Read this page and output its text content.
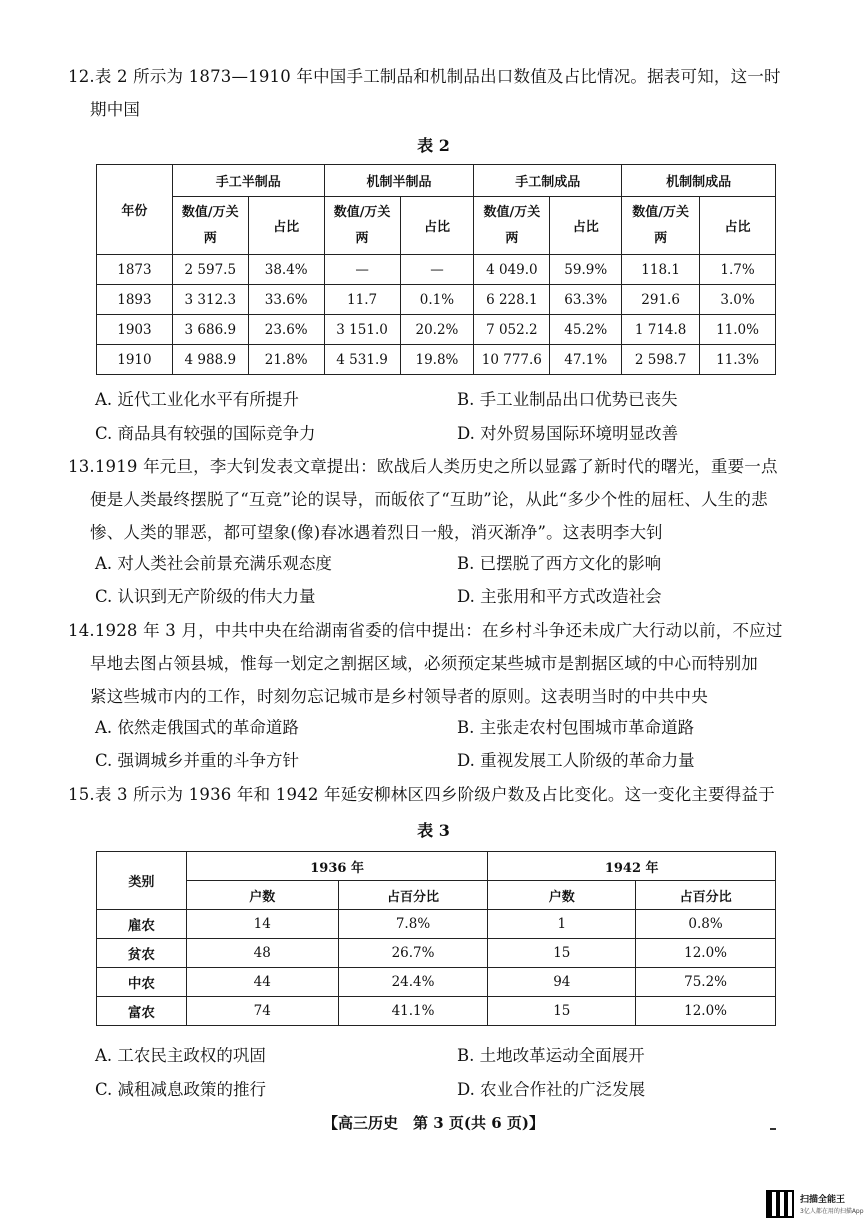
12.表 2 所示为 1873—1910 年中国手工制品和机制品出口数值及占比情况。据表可知，这一时
期中国
表 2
年份	手工半制品		机制半制品		手工制成品		机制制成品	
	数值/万关两	占比	数值/万关两	占比	数值/万关两	占比	数值/万关两	占比
1873	2 597.5	38.4%	—	—	4 049.0	59.9%	118.1	1.7%
1893	3 312.3	33.6%	11.7	0.1%	6 228.1	63.3%	291.6	3.0%
1903	3 686.9	23.6%	3 151.0	20.2%	7 052.2	45.2%	1 714.8	11.0%
1910	4 988.9	21.8%	4 531.9	19.8%	10 777.6	47.1%	2 598.7	11.3%
A. 近代工业化水平有所提升	B. 手工业制品出口优势已丧失
C. 商品具有较强的国际竞争力	D. 对外贸易国际环境明显改善
13.1919 年元旦，李大钊发表文章提出：欧战后人类历史之所以显露了新时代的曙光，重要一点
便是人类最终摆脱了“互竞”论的误导，而皈依了“互助”论，从此“多少个性的屈枉、人生的悲
惨、人类的罪恶，都可望象(像)春冰遇着烈日一般，消灭渐净”。这表明李大钊
A. 对人类社会前景充满乐观态度	B. 已摆脱了西方文化的影响
C. 认识到无产阶级的伟大力量	D. 主张用和平方式改造社会
14.1928 年 3 月，中共中央在给湖南省委的信中提出：在乡村斗争还未成广大行动以前，不应过
早地去图占领县城，惟每一划定之割据区域，必须预定某些城市是割据区域的中心而特别加
紧这些城市内的工作，时刻勿忘记城市是乡村领导者的原则。这表明当时的中共中央
A. 依然走俄国式的革命道路	B. 主张走农村包围城市革命道路
C. 强调城乡并重的斗争方针	D. 重视发展工人阶级的革命力量
15.表 3 所示为 1936 年和 1942 年延安柳林区四乡阶级户数及占比变化。这一变化主要得益于
表 3
类别	1936 年		1942 年	
	户数	占百分比	户数	占百分比
雇农	14	7.8%	1	0.8%
贫农	48	26.7%	15	12.0%
中农	44	24.4%	94	75.2%
富农	74	41.1%	15	12.0%
A. 工农民主政权的巩固	B. 土地改革运动全面展开
C. 减租减息政策的推行	D. 农业合作社的广泛发展
【高三历史　第 3 页(共 6 页)】
扫描全能王
3亿人都在用的扫描App
